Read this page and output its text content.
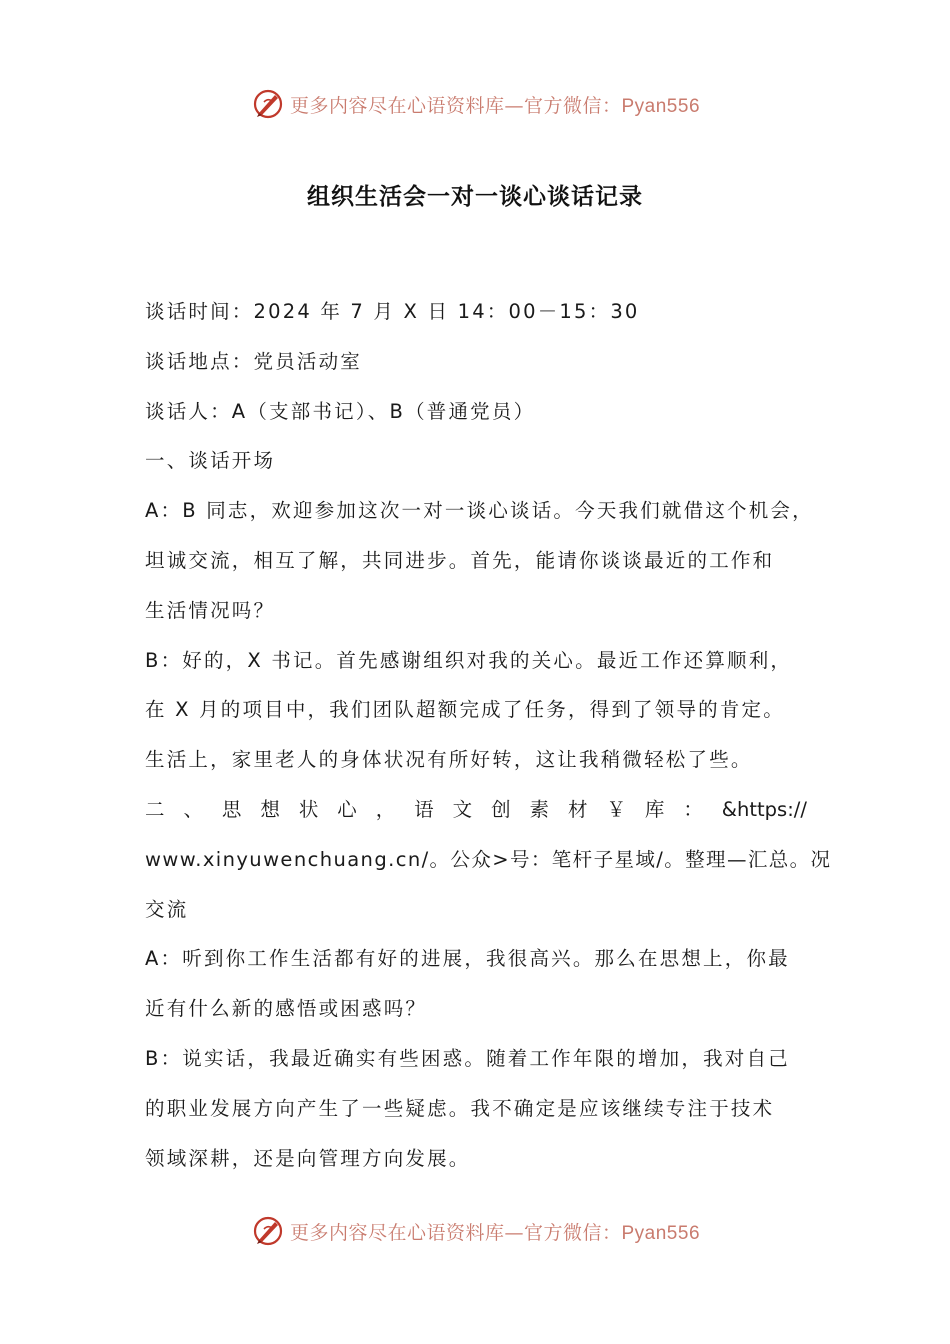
更多内容尽在心语资料库—官方微信：Pyan556
组织生活会一对一谈心谈话记录
谈话时间：2024 年 7 月 X 日 14：00－15：30
谈话地点：党员活动室
谈话人：A（支部书记）、B（普通党员）
一、谈话开场
A：B 同志，欢迎参加这次一对一谈心谈话。今天我们就借这个机会，
坦诚交流，相互了解，共同进步。首先，能请你谈谈最近的工作和
生活情况吗？
B：好的，X 书记。首先感谢组织对我的关心。最近工作还算顺利，
在 X 月的项目中，我们团队超额完成了任务，得到了领导的肯定。
生活上，家里老人的身体状况有所好转，这让我稍微轻松了些。
二 、 思 想 状 心 ， 语 文 创 素 材 ￥ 库 ： &https://
www.xinyuwenchuang.cn/。公众>号：笔杆子星域/。整理—汇总。况
交流
A：听到你工作生活都有好的进展，我很高兴。那么在思想上，你最
近有什么新的感悟或困惑吗？
B：说实话，我最近确实有些困惑。随着工作年限的增加，我对自己
的职业发展方向产生了一些疑虑。我不确定是应该继续专注于技术
领域深耕，还是向管理方向发展。
更多内容尽在心语资料库—官方微信：Pyan556
